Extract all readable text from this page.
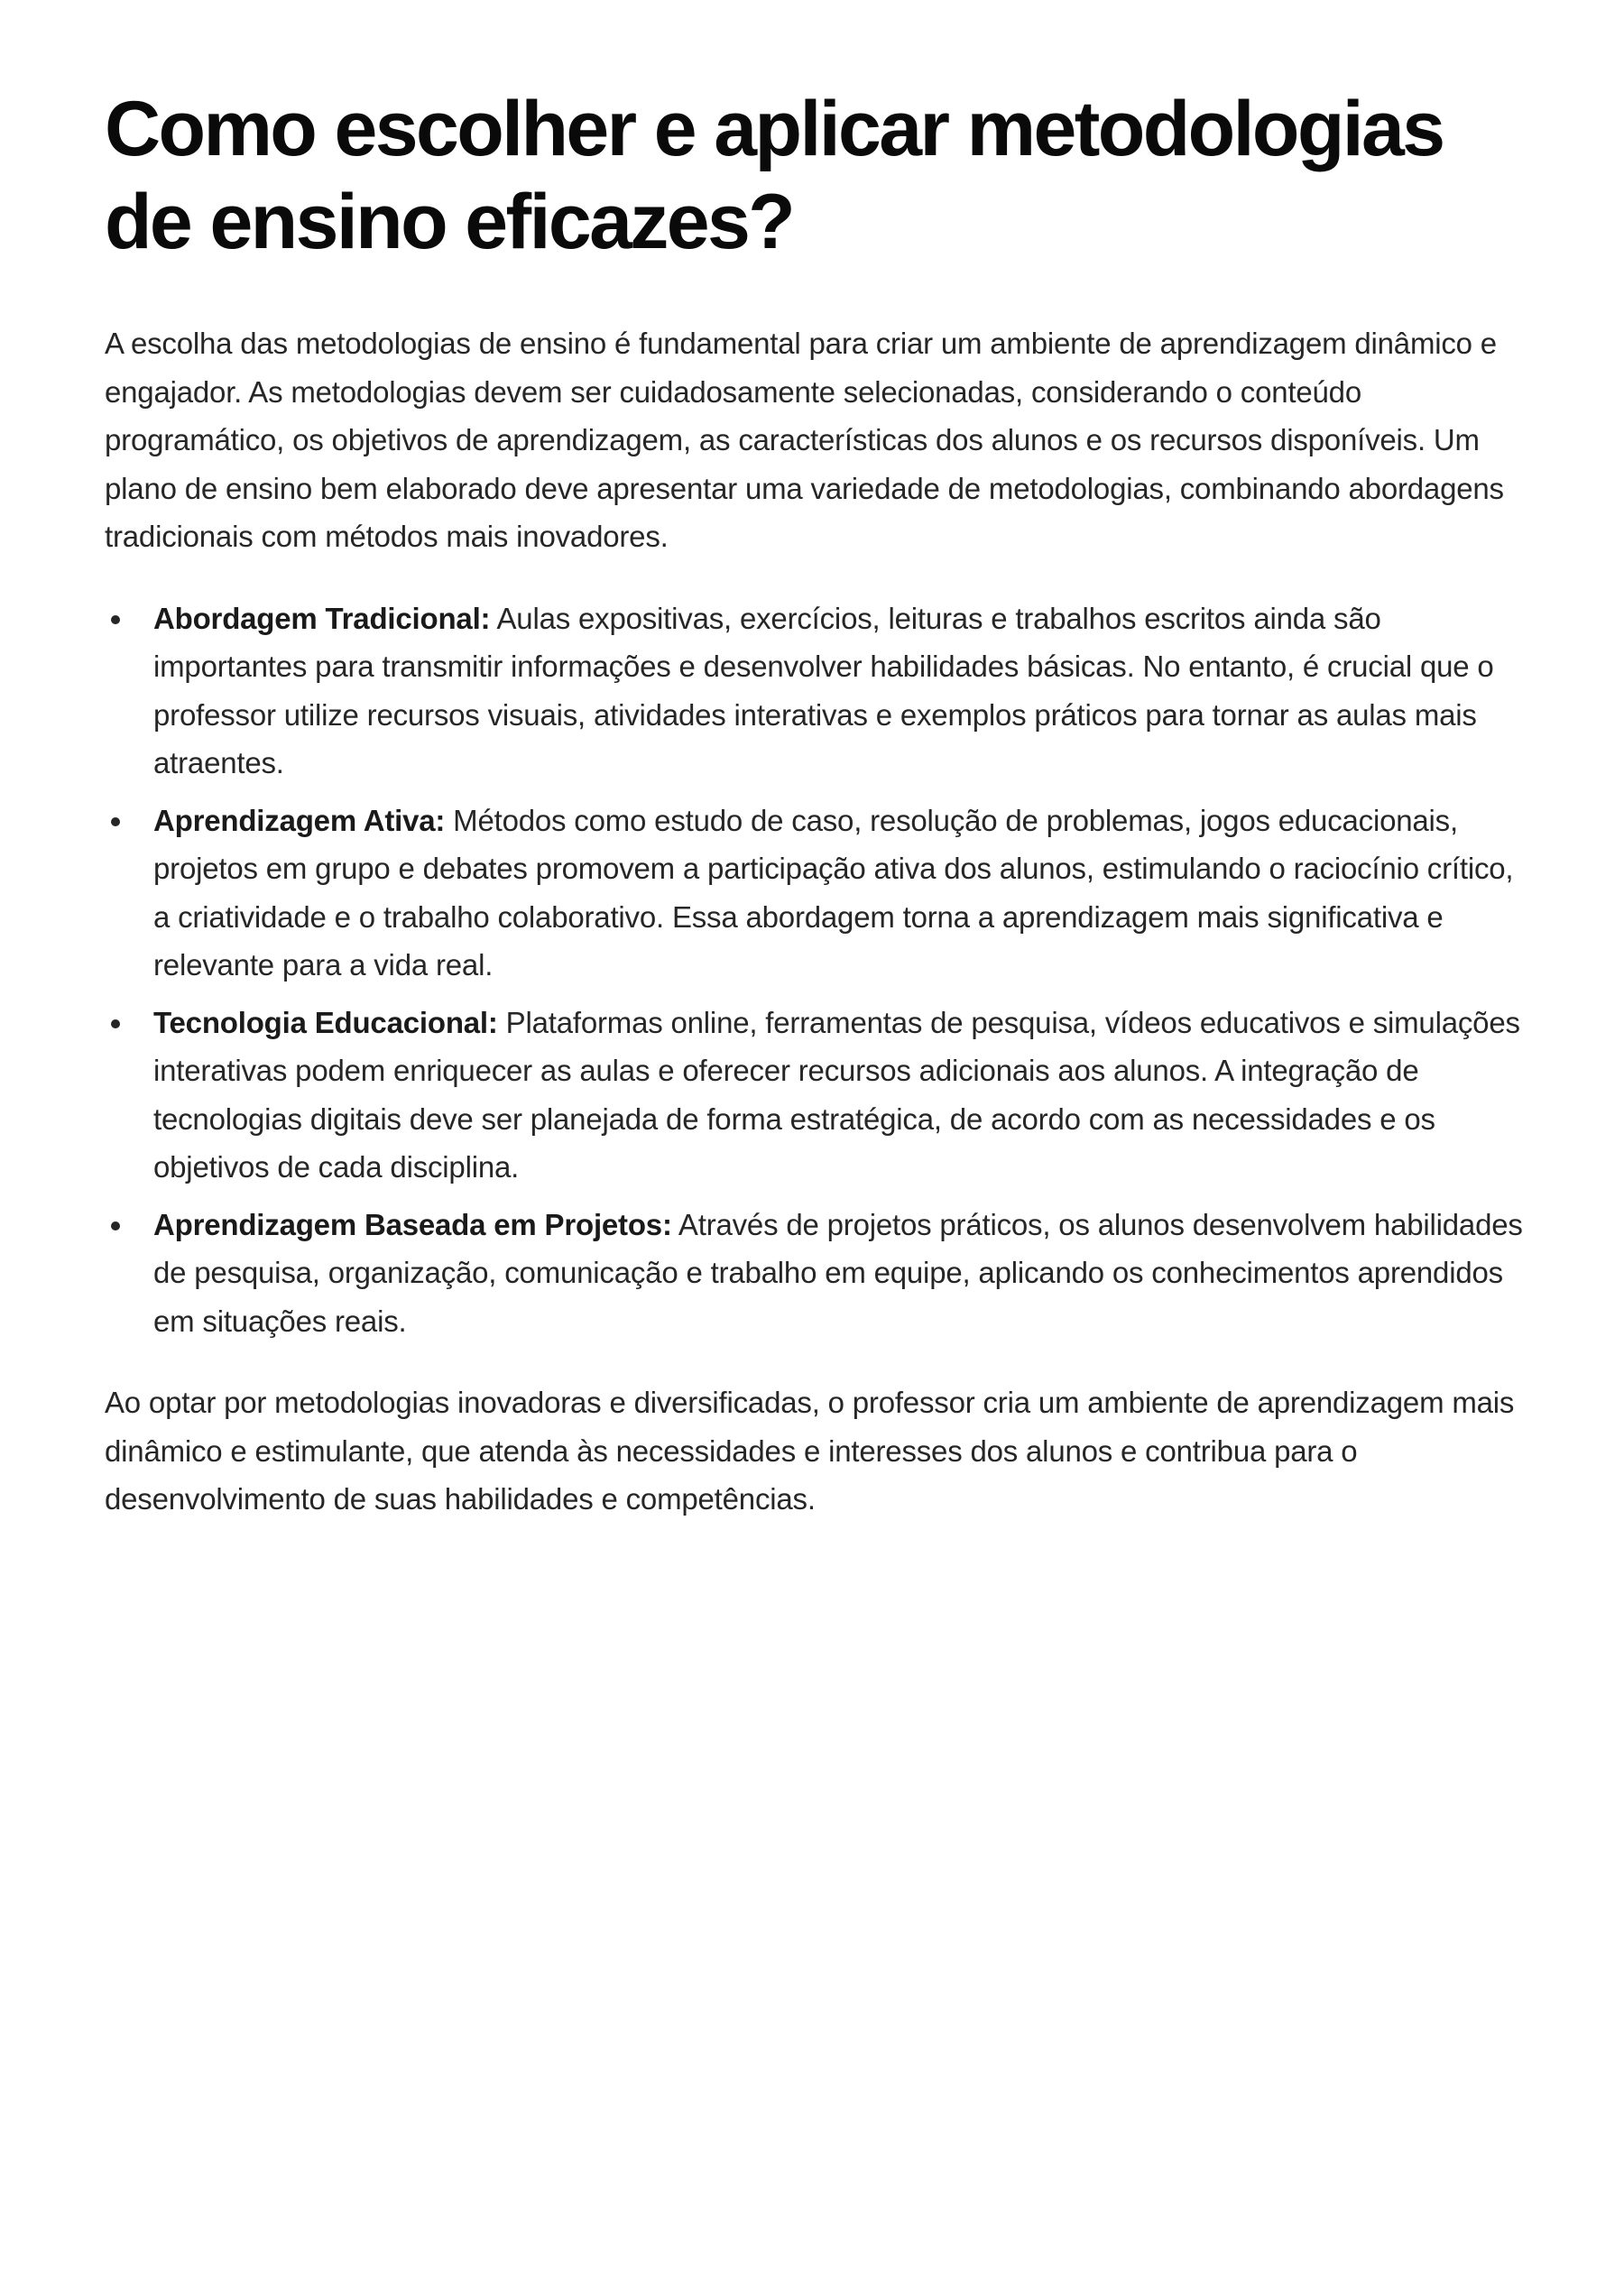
Como escolher e aplicar metodologias de ensino eficazes?

A escolha das metodologias de ensino é fundamental para criar um ambiente de aprendizagem dinâmico e engajador. As metodologias devem ser cuidadosamente selecionadas, considerando o conteúdo programático, os objetivos de aprendizagem, as características dos alunos e os recursos disponíveis. Um plano de ensino bem elaborado deve apresentar uma variedade de metodologias, combinando abordagens tradicionais com métodos mais inovadores.

Abordagem Tradicional: Aulas expositivas, exercícios, leituras e trabalhos escritos ainda são importantes para transmitir informações e desenvolver habilidades básicas. No entanto, é crucial que o professor utilize recursos visuais, atividades interativas e exemplos práticos para tornar as aulas mais atraentes.
Aprendizagem Ativa: Métodos como estudo de caso, resolução de problemas, jogos educacionais, projetos em grupo e debates promovem a participação ativa dos alunos, estimulando o raciocínio crítico, a criatividade e o trabalho colaborativo. Essa abordagem torna a aprendizagem mais significativa e relevante para a vida real.
Tecnologia Educacional: Plataformas online, ferramentas de pesquisa, vídeos educativos e simulações interativas podem enriquecer as aulas e oferecer recursos adicionais aos alunos. A integração de tecnologias digitais deve ser planejada de forma estratégica, de acordo com as necessidades e os objetivos de cada disciplina.
Aprendizagem Baseada em Projetos: Através de projetos práticos, os alunos desenvolvem habilidades de pesquisa, organização, comunicação e trabalho em equipe, aplicando os conhecimentos aprendidos em situações reais.

Ao optar por metodologias inovadoras e diversificadas, o professor cria um ambiente de aprendizagem mais dinâmico e estimulante, que atenda às necessidades e interesses dos alunos e contribua para o desenvolvimento de suas habilidades e competências.
